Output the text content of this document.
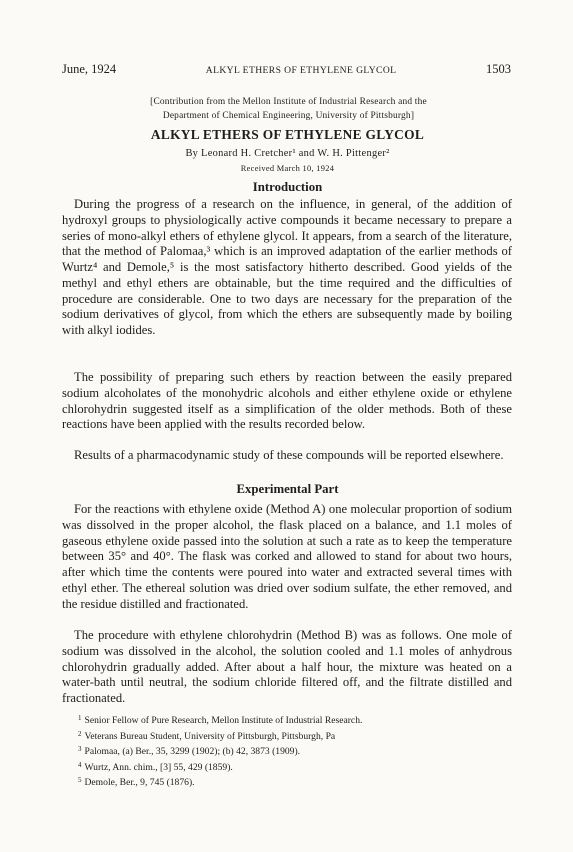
June, 1924	ALKYL ETHERS OF ETHYLENE GLYCOL	1503
[Contribution from the Mellon Institute of Industrial Research and the
Department of Chemical Engineering, University of Pittsburgh]
ALKYL ETHERS OF ETHYLENE GLYCOL
By Leonard H. Cretcher¹ and W. H. Pittenger²
Received March 10, 1924
Introduction

During the progress of a research on the influence, in general, of the addition of hydroxyl groups to physiologically active compounds it became necessary to prepare a series of mono-alkyl ethers of ethylene glycol. It appears, from a search of the literature, that the method of Palomaa,³ which is an improved adaptation of the earlier methods of Wurtz⁴ and Demole,⁵ is the most satisfactory hitherto described. Good yields of the methyl and ethyl ethers are obtainable, but the time required and the difficulties of procedure are considerable. One to two days are necessary for the preparation of the sodium derivatives of glycol, from which the ethers are subsequently made by boiling with alkyl iodides.

The possibility of preparing such ethers by reaction between the easily prepared sodium alcoholates of the monohydric alcohols and either ethylene oxide or ethylene chlorohydrin suggested itself as a simplification of the older methods. Both of these reactions have been applied with the results recorded below.

Results of a pharmacodynamic study of these compounds will be reported elsewhere.

Experimental Part

For the reactions with ethylene oxide (Method A) one molecular proportion of sodium was dissolved in the proper alcohol, the flask placed on a balance, and 1.1 moles of gaseous ethylene oxide passed into the solution at such a rate as to keep the temperature between 35° and 40°. The flask was corked and allowed to stand for about two hours, after which time the contents were poured into water and extracted several times with ethyl ether. The ethereal solution was dried over sodium sulfate, the ether removed, and the residue distilled and fractionated.

The procedure with ethylene chlorohydrin (Method B) was as follows. One mole of sodium was dissolved in the alcohol, the solution cooled and 1.1 moles of anhydrous chlorohydrin gradually added. After about a half hour, the mixture was heated on a water-bath until neutral, the sodium chloride filtered off, and the filtrate distilled and fractionated.

$^1$ Senior Fellow of Pure Research, Mellon Institute of Industrial Research.
$^2$ Veterans Bureau Student, University of Pittsburgh, Pittsburgh, Pa
$^3$ Palomaa, (a) Ber., 35, 3299 (1902); (b) 42, 3873 (1909).
$^4$ Wurtz, Ann. chim., [3] 55, 429 (1859).
$^5$ Demole, Ber., 9, 745 (1876).
